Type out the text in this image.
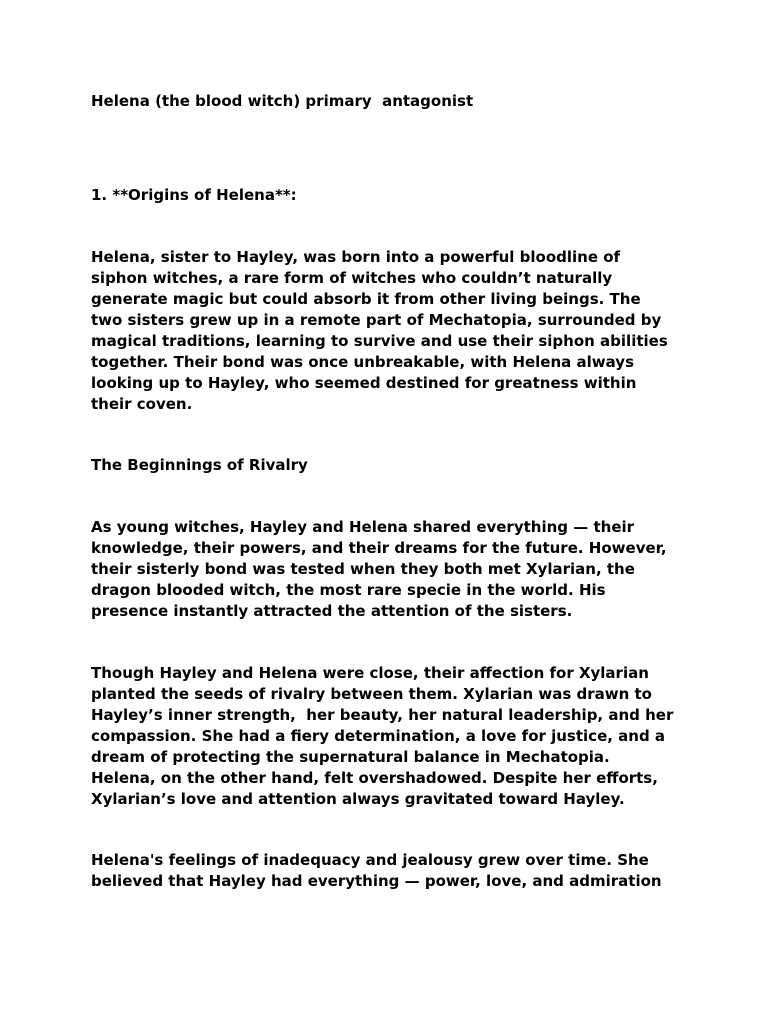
Helena (the blood witch) primary  antagonist

1. **Origins of Helena**:

Helena, sister to Hayley, was born into a powerful bloodline of
siphon witches, a rare form of witches who couldn’t naturally
generate magic but could absorb it from other living beings. The
two sisters grew up in a remote part of Mechatopia, surrounded by
magical traditions, learning to survive and use their siphon abilities
together. Their bond was once unbreakable, with Helena always
looking up to Hayley, who seemed destined for greatness within
their coven.

The Beginnings of Rivalry

As young witches, Hayley and Helena shared everything — their
knowledge, their powers, and their dreams for the future. However,
their sisterly bond was tested when they both met Xylarian, the
dragon blooded witch, the most rare specie in the world. His
presence instantly attracted the attention of the sisters.
Though Hayley and Helena were close, their affection for Xylarian
planted the seeds of rivalry between them. Xylarian was drawn to
Hayley’s inner strength,  her beauty, her natural leadership, and her
compassion. She had a fiery determination, a love for justice, and a
dream of protecting the supernatural balance in Mechatopia.
Helena, on the other hand, felt overshadowed. Despite her efforts,
Xylarian’s love and attention always gravitated toward Hayley.
Helena's feelings of inadequacy and jealousy grew over time. She
believed that Hayley had everything — power, love, and admiration
